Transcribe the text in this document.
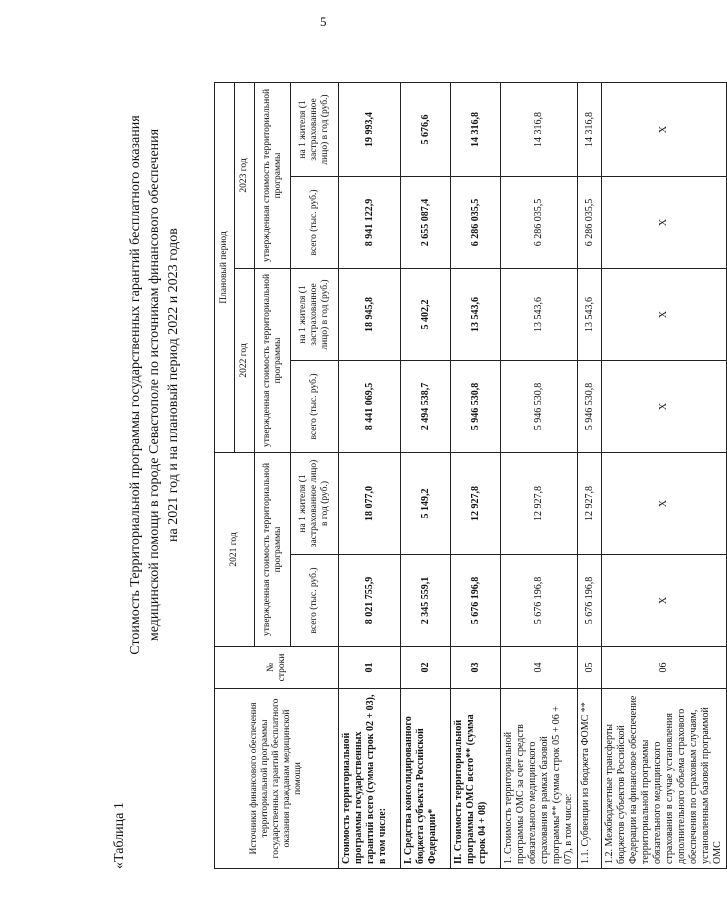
5
«Таблица 1
Стоимость Территориальной программы государственных гарантий бесплатного оказания медицинской помощи в городе Севастополе по источникам финансового обеспечения на 2021 год и на плановый период 2022 и 2023 годов
Источники финансового обеспечения территориальной программы государственных гарантий бесплатного оказания гражданам медицинской помощи	№ строки	2021 год		Плановый период			
				2022 год		2023 год	
		утвержденная стоимость территориальной программы		утвержденная стоимость территориальной программы		утвержденная стоимость территориальной программы	
		всего (тыс. руб.)	на 1 жителя (1 застрахованное лицо) в год (руб.)	всего (тыс. руб.)	на 1 жителя (1 застрахованное лицо) в год (руб.)	всего (тыс. руб.)	на 1 жителя (1 застрахованное лицо) в год (руб.)
Стоимость территориальной программы государственных гарантий всего (сумма строк 02 + 03), в том числе:	01	8 021 755,9	18 077,0	8 441 069,5	18 945,8	8 941 122,9	19 993,4
I. Средства консолидированного бюджета субъекта Российской Федерации*	02	2 345 559,1	5 149,2	2 494 538,7	5 402,2	2 655 087,4	5 676,6
II. Стоимость территориальной программы ОМС всего** (сумма строк 04 + 08)	03	5 676 196,8	12 927,8	5 946 530,8	13 543,6	6 286 035,5	14 316,8
1. Стоимость территориальной программы ОМС за счет средств обязательного медицинского страхования в рамках базовой программы** (сумма строк 05 + 06 + 07), в том числе:	04	5 676 196,8	12 927,8	5 946 530,8	13 543,6	6 286 035,5	14 316,8
1.1. Субвенции из бюджета ФОМС **	05	5 676 196,8	12 927,8	5 946 530,8	13 543,6	6 286 035,5	14 316,8
1.2. Межбюджетные трансферты бюджетов субъектов Российской Федерации на финансовое обеспечение территориальной программы обязательного медицинского страхования в случае установления дополнительного объема страхового обеспечения по страховым случаям, установленным базовой программой ОМС	06	X	X	X	X	X	X
